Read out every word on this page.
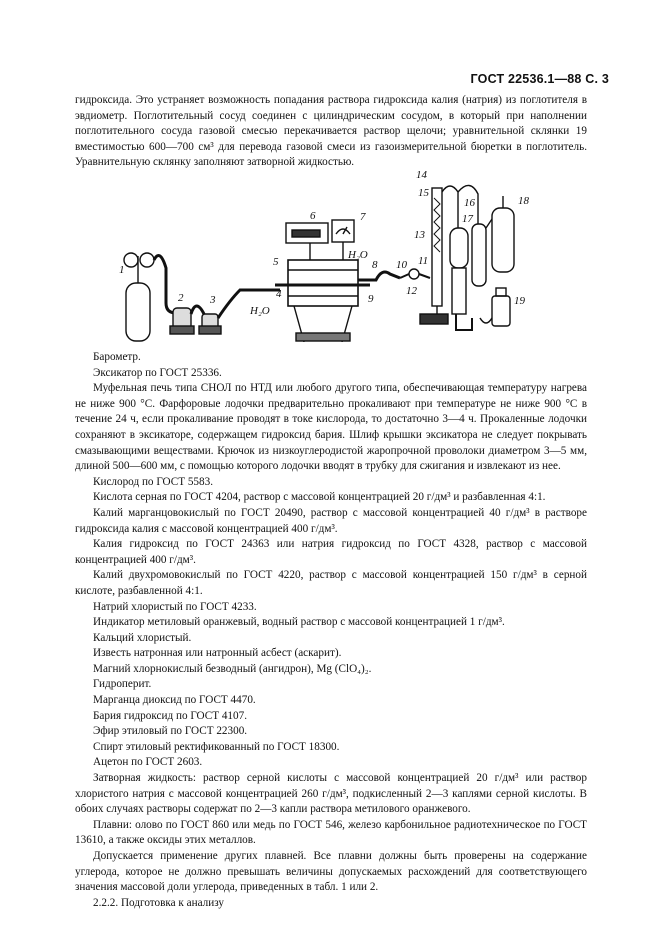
ГОСТ 22536.1—88 С. 3

гидроксида. Это устраняет возможность попадания раствора гидроксида калия (натрия) из поглотителя в эвдиометр. Поглотительный сосуд соединен с цилиндрическим сосудом, в который при наполнении поглотительного сосуда газовой смесью перекачивается раствор щелочи; уравнительной склянки 19 вместимостью 600—700 см³ для перевода газовой смеси из газоизмерительной бюретки в поглотитель. Уравнительную склянку заполняют затворной жидкостью.

1
2 3	4
5
6	7
8
9
10 11
12
13
14
15
16
17
18
19
H₂O
H₂O

Барометр.

Эксикатор по ГОСТ 25336.

Муфельная печь типа СНОЛ по НТД или любого другого типа, обеспечивающая температуру нагрева не ниже 900 °С. Фарфоровые лодочки предварительно прокаливают при температуре не ниже 900 °С в течение 24 ч, если прокаливание проводят в токе кислорода, то достаточно 3—4 ч. Прокаленные лодочки сохраняют в эксикаторе, содержащем гидроксид бария. Шлиф крышки эксикатора не следует покрывать смазывающими веществами. Крючок из низкоуглеродистой жаропрочной проволоки диаметром 3—5 мм, длиной 500—600 мм, с помощью которого лодочки вводят в трубку для сжигания и извлекают из нее.

Кислород по ГОСТ 5583.

Кислота серная по ГОСТ 4204, раствор с массовой концентрацией 20 г/дм³ и разбавленная 4:1.

Калий марганцовокислый по ГОСТ 20490, раствор с массовой концентрацией 40 г/дм³ в растворе гидроксида калия с массовой концентрацией 400 г/дм³.

Калия гидроксид по ГОСТ 24363 или натрия гидроксид по ГОСТ 4328, раствор с массовой концентрацией 400 г/дм³.

Калий двухромовокислый по ГОСТ 4220, раствор с массовой концентрацией 150 г/дм³ в серной кислоте, разбавленной 4:1.

Натрий хлористый по ГОСТ 4233.

Индикатор метиловый оранжевый, водный раствор с массовой концентрацией 1 г/дм³.

Кальций хлористый.

Известь натронная или натронный асбест (аскарит).

Магний хлорнокислый безводный (ангидрон), Mg (ClO₄)₂.

Гидроперит.

Марганца диоксид по ГОСТ 4470.

Бария гидроксид по ГОСТ 4107.

Эфир этиловый по ГОСТ 22300.

Спирт этиловый ректификованный по ГОСТ 18300.

Ацетон по ГОСТ 2603.

Затворная жидкость: раствор серной кислоты с массовой концентрацией 20 г/дм³ или раствор хлористого натрия с массовой концентрацией 260 г/дм³, подкисленный 2—3 каплями серной кислоты. В обоих случаях растворы содержат по 2—3 капли раствора метилового оранжевого.

Плавни: олово по ГОСТ 860 или медь по ГОСТ 546, железо карбонильное радиотехническое по ГОСТ 13610, а также оксиды этих металлов.

Допускается применение других плавней. Все плавни должны быть проверены на содержание углерода, которое не должно превышать величины допускаемых расхождений для соответствующего значения массовой доли углерода, приведенных в табл. 1 или 2.

2.2.2. Подготовка к анализу
